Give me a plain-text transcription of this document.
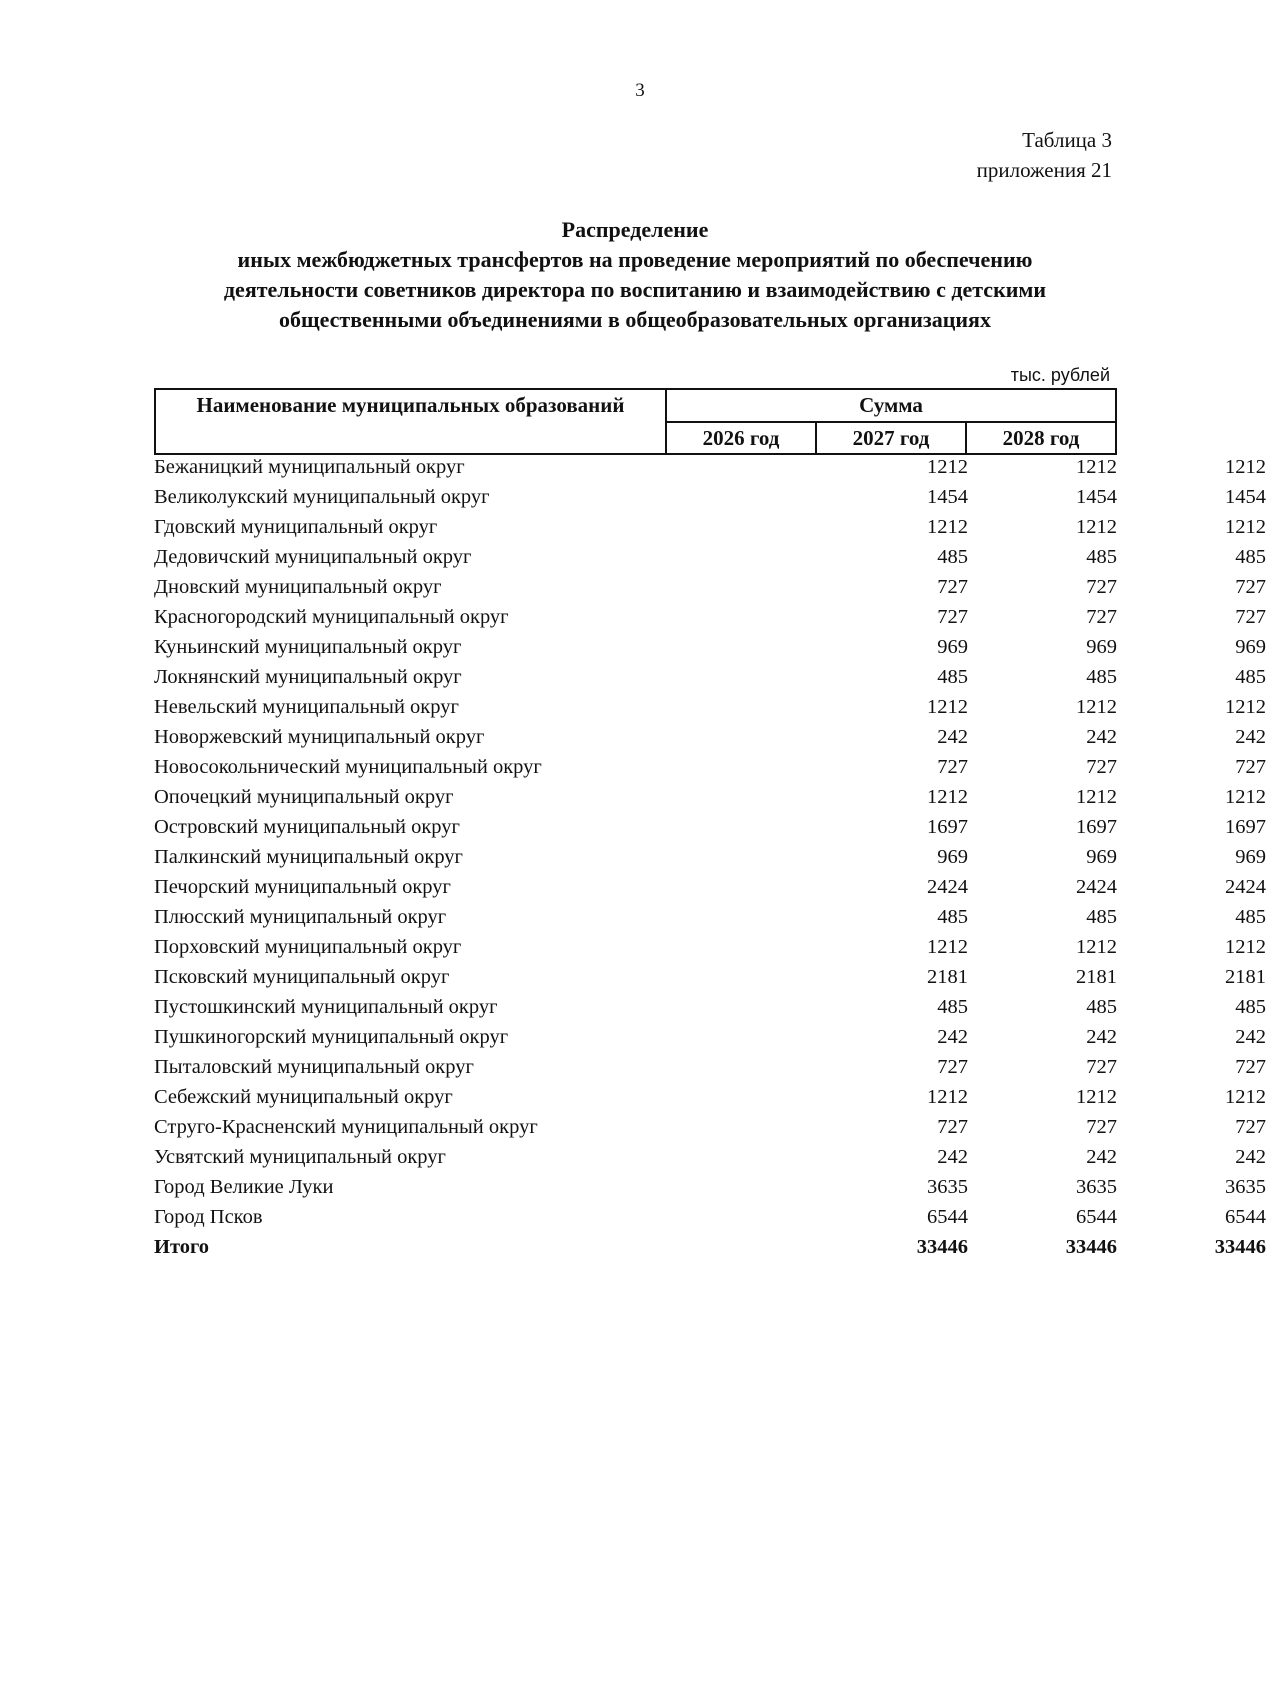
3
Таблица 3
приложения 21
Распределение
иных межбюджетных трансфертов на проведение мероприятий по обеспечению
деятельности советников директора по воспитанию и взаимодействию с детскими
общественными объединениями в общеобразовательных организациях
тыс. рублей
Наименование муниципальных образований	Сумма		
	2026 год	2027 год	2028 год
Бежаницкий муниципальный округ	1212	1212	1212
Великолукский муниципальный округ	1454	1454	1454
Гдовский муниципальный округ	1212	1212	1212
Дедовичский муниципальный округ	485	485	485
Дновский муниципальный округ	727	727	727
Красногородский муниципальный округ	727	727	727
Куньинский муниципальный округ	969	969	969
Локнянский муниципальный округ	485	485	485
Невельский муниципальный округ	1212	1212	1212
Новоржевский муниципальный округ	242	242	242
Новосокольнический муниципальный округ	727	727	727
Опочецкий муниципальный округ	1212	1212	1212
Островский муниципальный округ	1697	1697	1697
Палкинский муниципальный округ	969	969	969
Печорский муниципальный округ	2424	2424	2424
Плюсский муниципальный округ	485	485	485
Порховский муниципальный округ	1212	1212	1212
Псковский муниципальный округ	2181	2181	2181
Пустошкинский муниципальный округ	485	485	485
Пушкиногорский муниципальный округ	242	242	242
Пыталовский муниципальный округ	727	727	727
Себежский муниципальный округ	1212	1212	1212
Струго-Красненский муниципальный округ	727	727	727
Усвятский муниципальный округ	242	242	242
Город Великие Луки	3635	3635	3635
Город Псков	6544	6544	6544
Итого	33446	33446	33446
